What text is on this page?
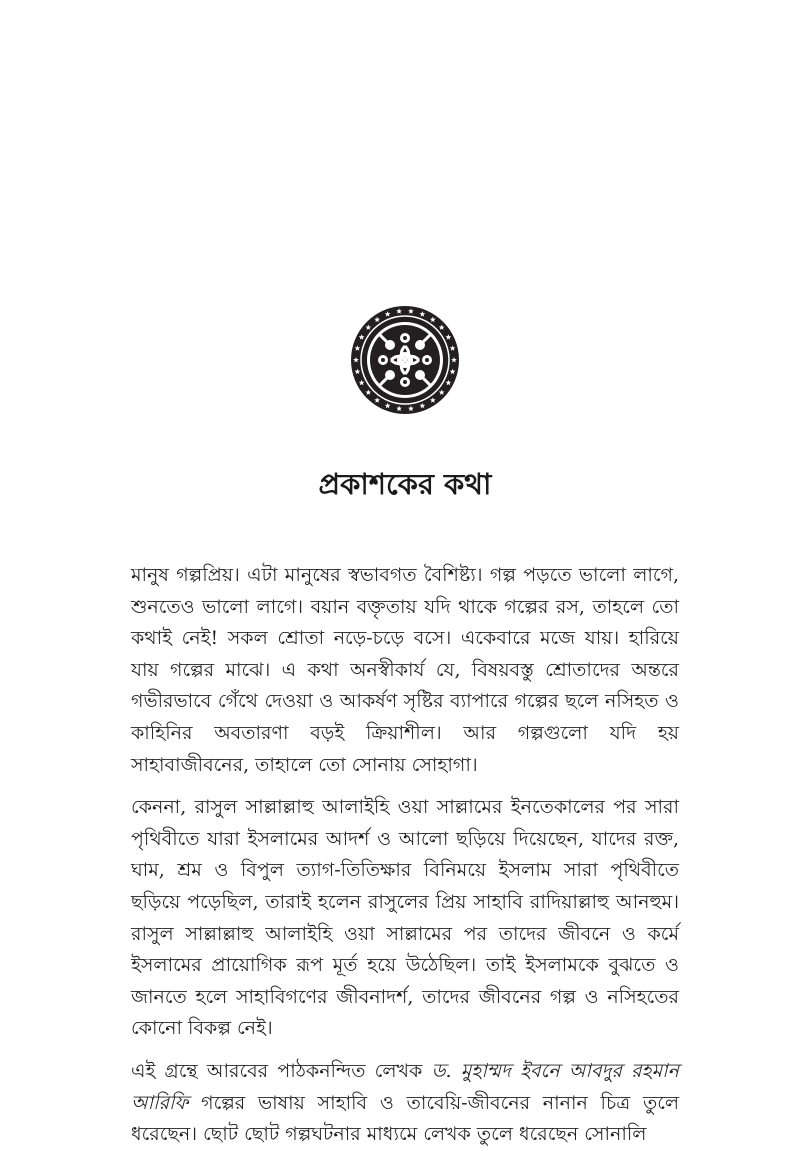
প্রকাশকের কথা

মানুষ গল্পপ্রিয়। এটা মানুষের স্বভাবগত বৈশিষ্ট্য। গল্প পড়তে ভালো লাগে, শুনতেও ভালো লাগে। বয়ান বক্তৃতায় যদি থাকে গল্পের রস, তাহলে তো কথাই নেই! সকল শ্রোতা নড়ে-চড়ে বসে। একেবারে মজে যায়। হারিয়ে যায় গল্পের মাঝে। এ কথা অনস্বীকার্য যে, বিষয়বস্তু শ্রোতাদের অন্তরে গভীরভাবে গেঁথে দেওয়া ও আকর্ষণ সৃষ্টির ব্যাপারে গল্পের ছলে নসিহত ও কাহিনির অবতারণা বড়ই ক্রিয়াশীল। আর গল্পগুলো যদি হয় সাহাবাজীবনের, তাহালে তো সোনায় সোহাগা।

কেননা, রাসুল সাল্লাল্লাহু আলাইহি ওয়া সাল্লামের ইনতেকালের পর সারা পৃথিবীতে যারা ইসলামের আদর্শ ও আলো ছড়িয়ে দিয়েছেন, যাদের রক্ত, ঘাম, শ্রম ও বিপুল ত্যাগ-তিতিক্ষার বিনিময়ে ইসলাম সারা পৃথিবীতে ছড়িয়ে পড়েছিল, তারাই হলেন রাসুলের প্রিয় সাহাবি রাদিয়াল্লাহু আনহুম। রাসুল সাল্লাল্লাহু আলাইহি ওয়া সাল্লামের পর তাদের জীবনে ও কর্মে ইসলামের প্রায়োগিক রূপ মূর্ত হয়ে উঠেছিল। তাই ইসলামকে বুঝতে ও জানতে হলে সাহাবিগণের জীবনাদর্শ, তাদের জীবনের গল্প ও নসিহতের কোনো বিকল্প নেই।

এই গ্রন্থে আরবের পাঠকনন্দিত লেখক ড. মুহাম্মদ ইবনে আবদুর রহমান আরিফি গল্পের ভাষায় সাহাবি ও তাবেয়ি-জীবনের নানান চিত্র তুলে ধরেছেন। ছোট ছোট গল্পঘটনার মাধ্যমে লেখক তুলে ধরেছেন সোনালি
